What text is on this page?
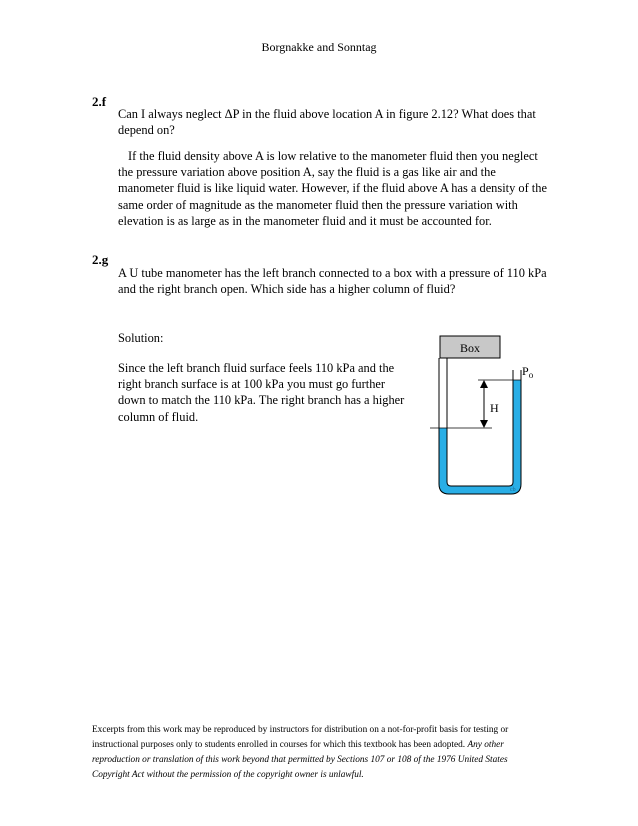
Borgnakke and Sonntag
2.f
Can I always neglect ΔP in the fluid above location A in figure 2.12? What does that depend on?
If the fluid density above A is low relative to the manometer fluid then you neglect the pressure variation above position A, say the fluid is a gas like air and the manometer fluid is like liquid water. However, if the fluid above A has a density of the same order of magnitude as the manometer fluid then the pressure variation with elevation is as large as in the manometer fluid and it must be accounted for.
2.g
A U tube manometer has the left branch connected to a box with a pressure of 110 kPa and the right branch open. Which side has a higher column of fluid?
Solution:
Since the left branch fluid surface feels 110 kPa and the right branch surface is at 100 kPa you must go further down to match the 110 kPa. The right branch has a higher column of fluid.
Box
H
$P_o$
cb
Excerpts from this work may be reproduced by instructors for distribution on a not-for-profit basis for testing or instructional purposes only to students enrolled in courses for which this textbook has been adopted. Any other reproduction or translation of this work beyond that permitted by Sections 107 or 108 of the 1976 United States Copyright Act without the permission of the copyright owner is unlawful.
